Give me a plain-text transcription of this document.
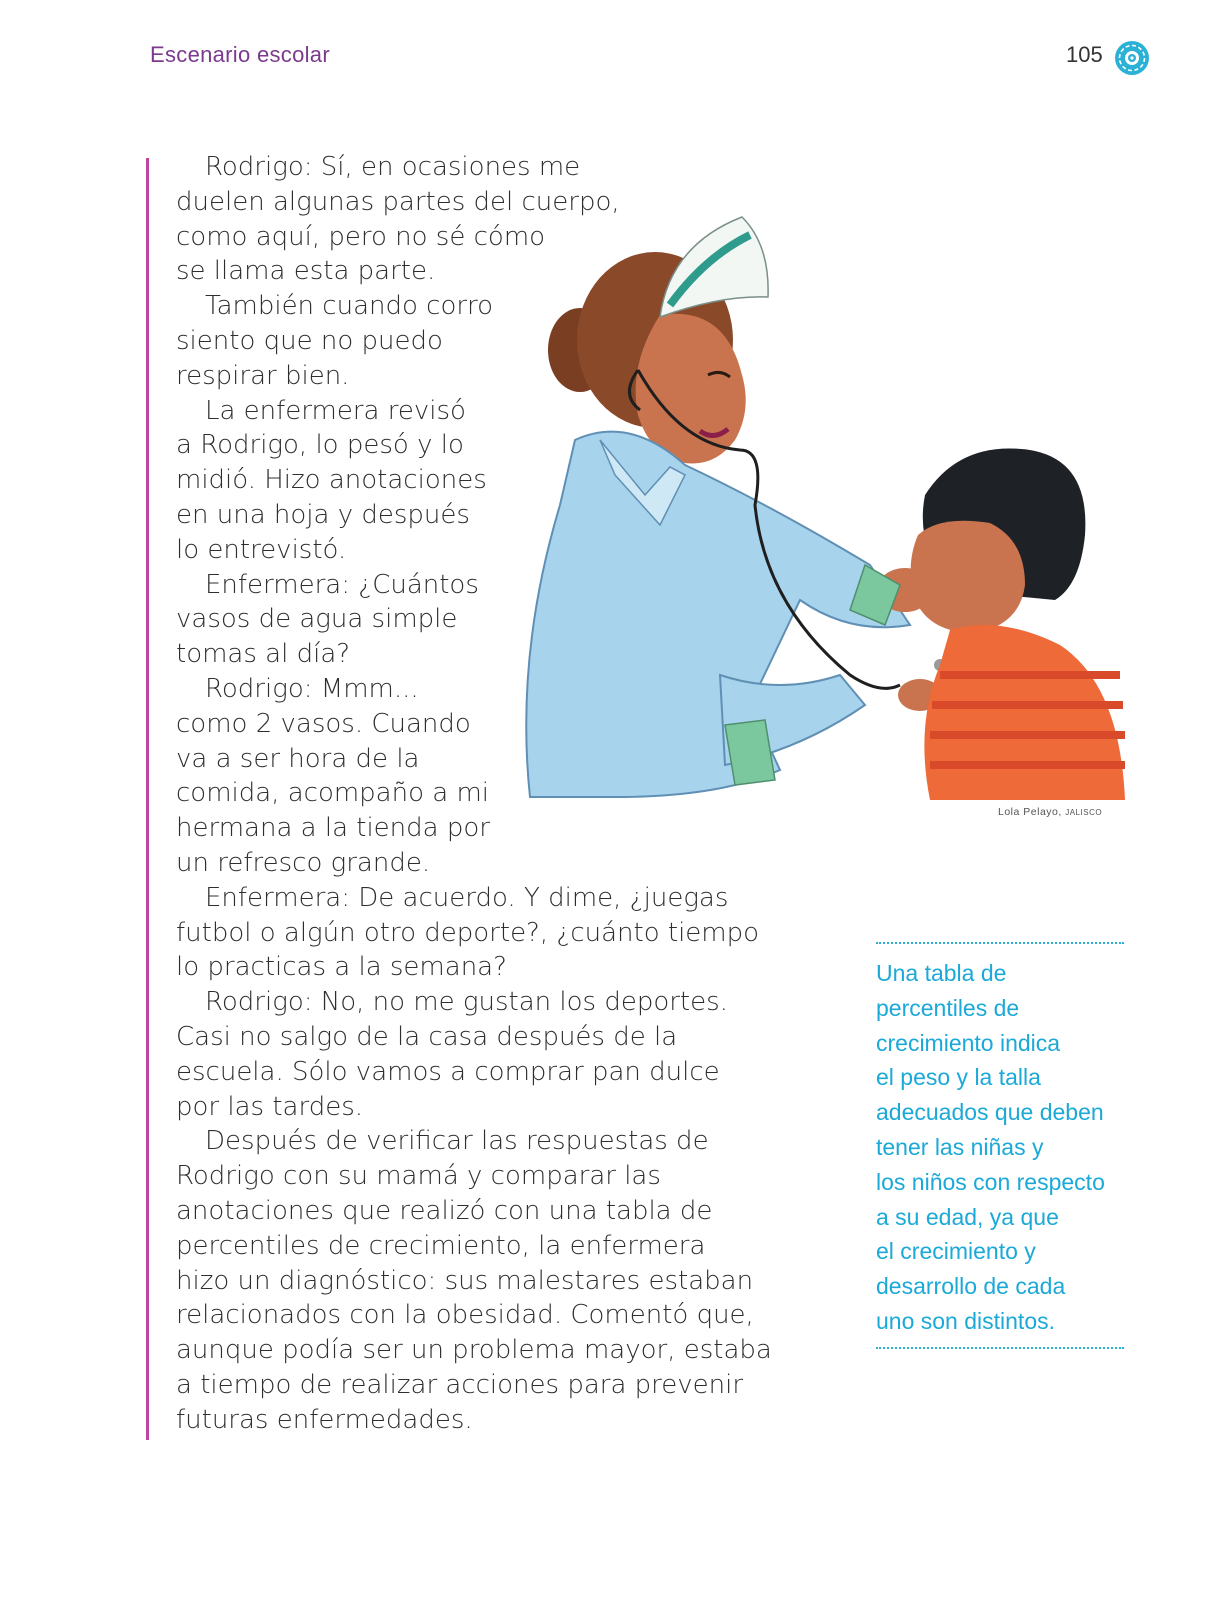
Escenario escolar	105

Rodrigo: Sí, en ocasiones me
duelen algunas partes del cuerpo,
como aquí, pero no sé cómo
se llama esta parte.

También cuando corro
siento que no puedo
respirar bien.

La enfermera revisó
a Rodrigo, lo pesó y lo
midió. Hizo anotaciones
en una hoja y después
lo entrevistó.

Enfermera: ¿Cuántos
vasos de agua simple
tomas al día?

Rodrigo: Mmm...
como 2 vasos. Cuando
va a ser hora de la
comida, acompaño a mi
hermana a la tienda por
un refresco grande.

Enfermera: De acuerdo. Y dime, ¿juegas
futbol o algún otro deporte?, ¿cuánto tiempo
lo practicas a la semana?

Rodrigo: No, no me gustan los deportes.
Casi no salgo de la casa después de la
escuela. Sólo vamos a comprar pan dulce
por las tardes.

Después de verificar las respuestas de
Rodrigo con su mamá y comparar las
anotaciones que realizó con una tabla de
percentiles de crecimiento, la enfermera
hizo un diagnóstico: sus malestares estaban
relacionados con la obesidad. Comentó que,
aunque podía ser un problema mayor, estaba
a tiempo de realizar acciones para prevenir
futuras enfermedades.

Lola Pelayo, JALISCO

Una tabla de
percentiles de
crecimiento indica
el peso y la talla
adecuados que deben
tener las niñas y
los niños con respecto
a su edad, ya que
el crecimiento y
desarrollo de cada
uno son distintos.
